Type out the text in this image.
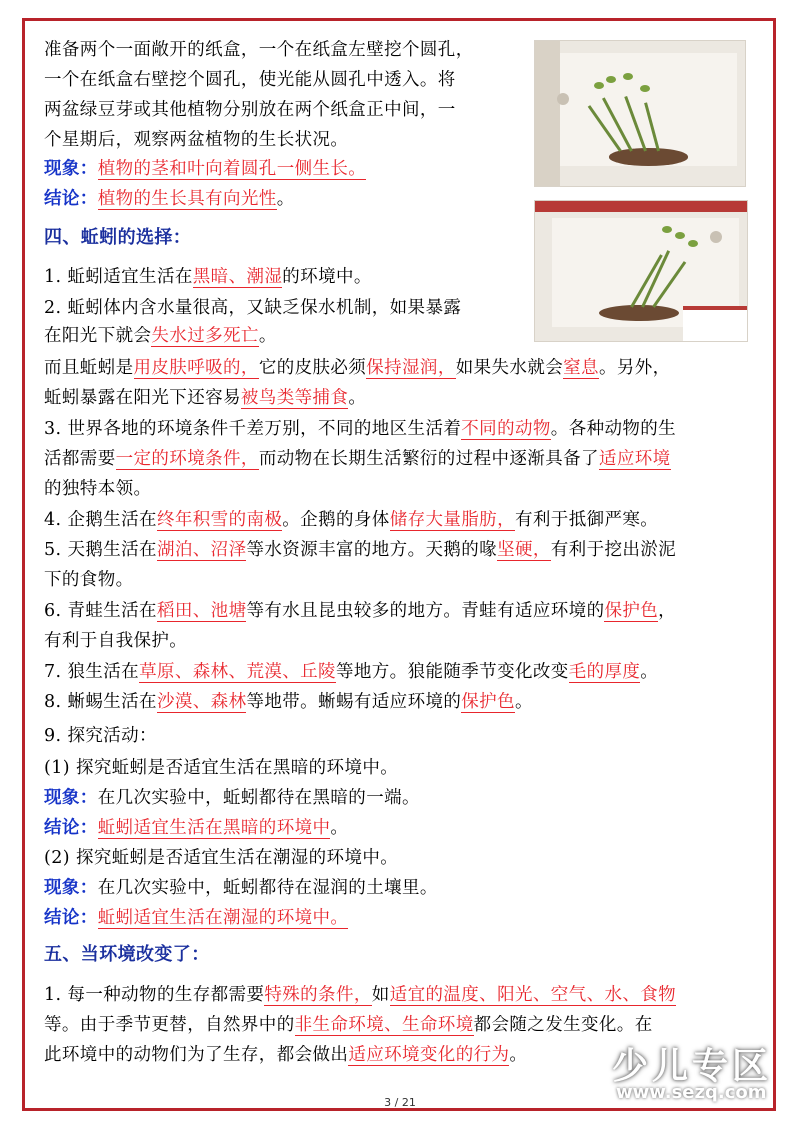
准备两个一面敞开的纸盒，一个在纸盒左壁挖个圆孔，
一个在纸盒右壁挖个圆孔，使光能从圆孔中透入。将
两盆绿豆芽或其他植物分别放在两个纸盒正中间，一
个星期后，观察两盆植物的生长状况。
现象：植物的茎和叶向着圆孔一侧生长。
结论：植物的生长具有向光性。
四、蚯蚓的选择：
1. 蚯蚓适宜生活在黑暗、潮湿的环境中。
2. 蚯蚓体内含水量很高，又缺乏保水机制，如果暴露
在阳光下就会失水过多死亡。
而且蚯蚓是用皮肤呼吸的，它的皮肤必须保持湿润，如果失水就会窒息。另外，
蚯蚓暴露在阳光下还容易被鸟类等捕食。
3. 世界各地的环境条件千差万别，不同的地区生活着不同的动物。各种动物的生
活都需要一定的环境条件，而动物在长期生活繁衍的过程中逐渐具备了适应环境
的独特本领。
4. 企鹅生活在终年积雪的南极。企鹅的身体储存大量脂肪，有利于抵御严寒。
5. 天鹅生活在湖泊、沼泽等水资源丰富的地方。天鹅的喙坚硬，有利于挖出淤泥
下的食物。
6. 青蛙生活在稻田、池塘等有水且昆虫较多的地方。青蛙有适应环境的保护色，
有利于自我保护。
7. 狼生活在草原、森林、荒漠、丘陵等地方。狼能随季节变化改变毛的厚度。
8. 蜥蜴生活在沙漠、森林等地带。蜥蜴有适应环境的保护色。
9. 探究活动：
(1) 探究蚯蚓是否适宜生活在黑暗的环境中。
现象：在几次实验中，蚯蚓都待在黑暗的一端。
结论：蚯蚓适宜生活在黑暗的环境中。
(2) 探究蚯蚓是否适宜生活在潮湿的环境中。
现象：在几次实验中，蚯蚓都待在湿润的土壤里。
结论：蚯蚓适宜生活在潮湿的环境中。
五、当环境改变了：
1. 每一种动物的生存都需要特殊的条件，如适宜的温度、阳光、空气、水、食物
等。由于季节更替，自然界中的非生命环境、生命环境都会随之发生变化。在
此环境中的动物们为了生存，都会做出适应环境变化的行为。 少儿专区
www.sezq.com
3 / 21
